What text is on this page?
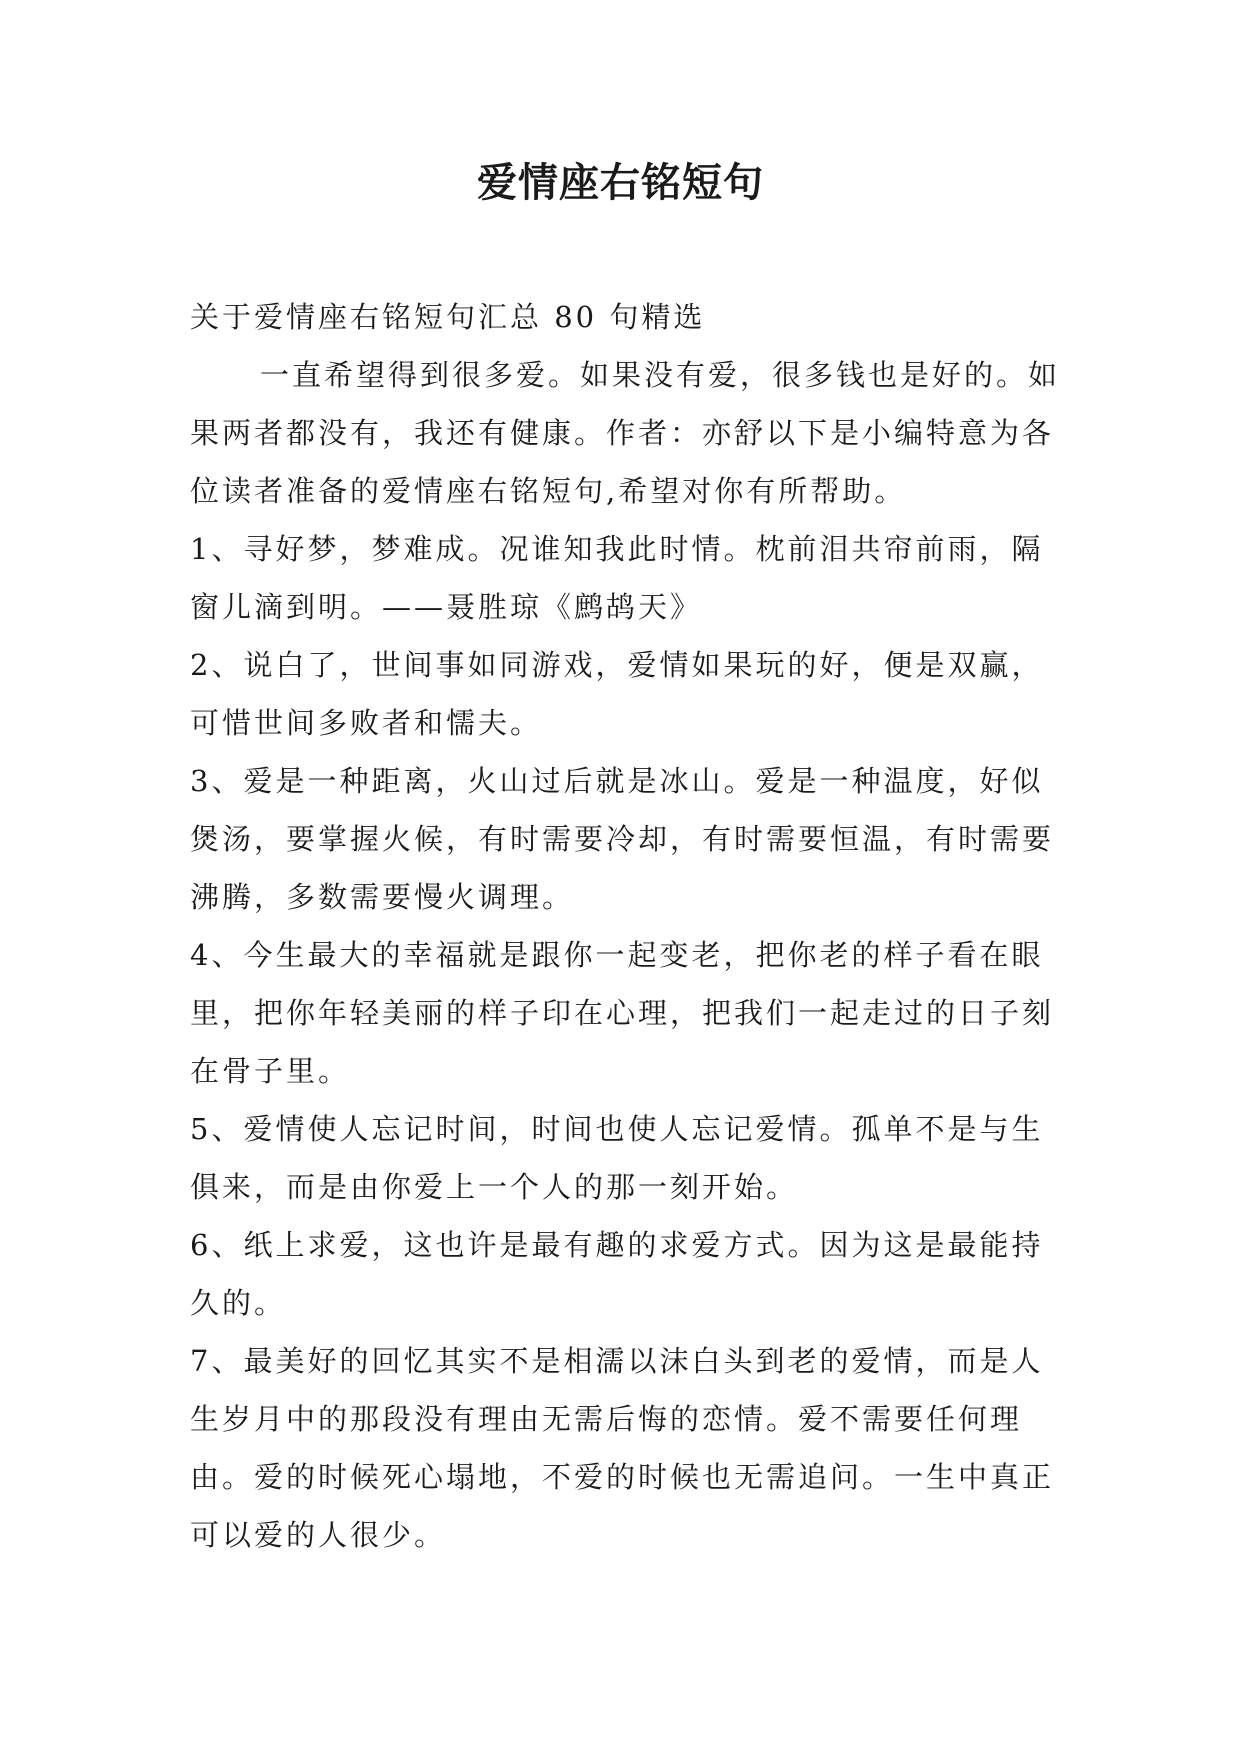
爱情座右铭短句

关于爱情座右铭短句汇总 80 句精选

一直希望得到很多爱。如果没有爱，很多钱也是好的。如果两者都没有，我还有健康。作者：亦舒以下是小编特意为各位读者准备的爱情座右铭短句,希望对你有所帮助。

1、寻好梦，梦难成。况谁知我此时情。枕前泪共帘前雨，隔窗儿滴到明。——聂胜琼《鹧鸪天》

2、说白了，世间事如同游戏，爱情如果玩的好，便是双赢，可惜世间多败者和懦夫。

3、爱是一种距离，火山过后就是冰山。爱是一种温度，好似煲汤，要掌握火候，有时需要冷却，有时需要恒温，有时需要沸腾，多数需要慢火调理。

4、今生最大的幸福就是跟你一起变老，把你老的样子看在眼里，把你年轻美丽的样子印在心理，把我们一起走过的日子刻在骨子里。

5、爱情使人忘记时间，时间也使人忘记爱情。孤单不是与生俱来，而是由你爱上一个人的那一刻开始。

6、纸上求爱，这也许是最有趣的求爱方式。因为这是最能持久的。

7、最美好的回忆其实不是相濡以沫白头到老的爱情，而是人生岁月中的那段没有理由无需后悔的恋情。爱不需要任何理由。爱的时候死心塌地，不爱的时候也无需追问。一生中真正可以爱的人很少。
